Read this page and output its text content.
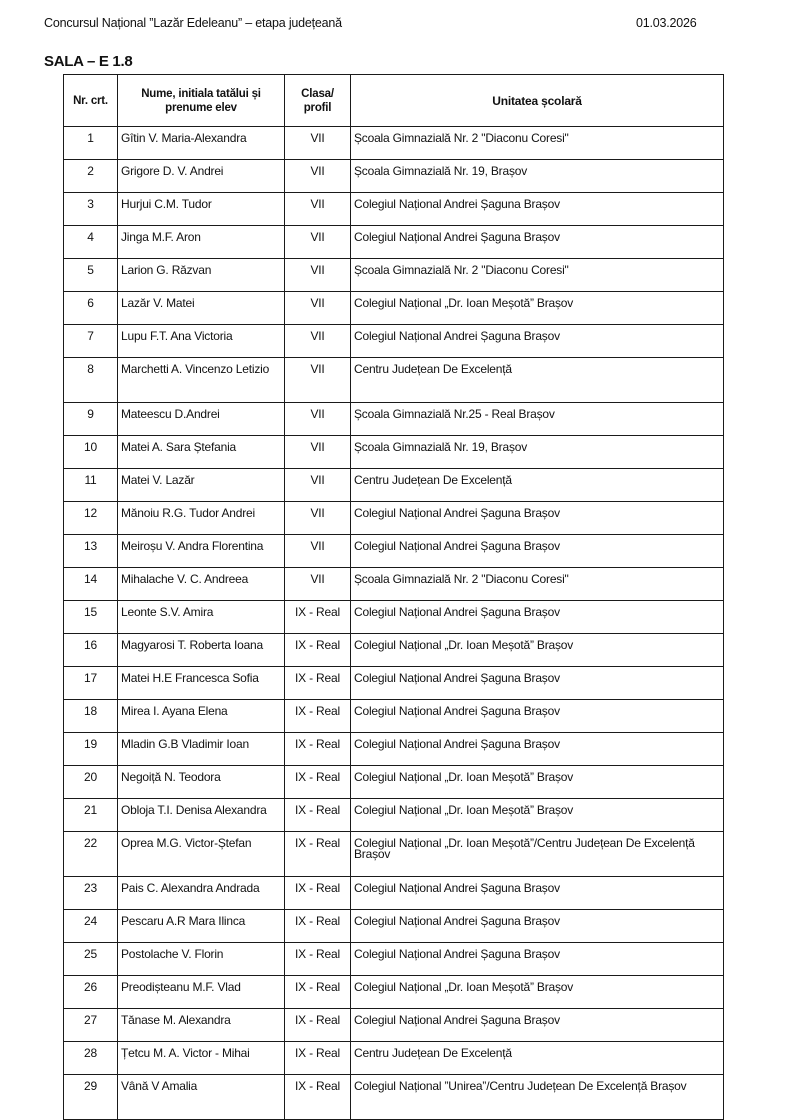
Concursul Național ”Lazăr Edeleanu” – etapa județeană	01.03.2026
SALA – E 1.8
Nr. crt.	Nume, initiala tatălui și prenume elev	Clasa/ profil	Unitatea școlară
1	Gîtin V. Maria-Alexandra	VII	Școala Gimnazială Nr. 2 "Diaconu Coresi"
2	Grigore D. V. Andrei	VII	Școala Gimnazială Nr. 19, Brașov
3	Hurjui C.M. Tudor	VII	Colegiul Național Andrei Șaguna Brașov
4	Jinga M.F. Aron	VII	Colegiul Național Andrei Șaguna Brașov
5	Larion G. Răzvan	VII	Școala Gimnazială Nr. 2 "Diaconu Coresi"
6	Lazăr V. Matei	VII	Colegiul Național „Dr. Ioan Meșotă” Brașov
7	Lupu F.T. Ana Victoria	VII	Colegiul Național Andrei Șaguna Brașov
8	Marchetti A. Vincenzo Letizio	VII	Centru Județean De Excelență
9	Mateescu D.Andrei	VII	Școala Gimnazială Nr.25 - Real Brașov
10	Matei A. Sara Ștefania	VII	Școala Gimnazială Nr. 19, Brașov
11	Matei V. Lazăr	VII	Centru Județean De Excelență
12	Mănoiu R.G. Tudor Andrei	VII	Colegiul Național Andrei Șaguna Brașov
13	Meiroșu V. Andra Florentina	VII	Colegiul Național Andrei Șaguna Brașov
14	Mihalache V. C. Andreea	VII	Școala Gimnazială Nr. 2 "Diaconu Coresi"
15	Leonte S.V. Amira	IX - Real	Colegiul Național Andrei Șaguna Brașov
16	Magyarosi T. Roberta Ioana	IX - Real	Colegiul Național „Dr. Ioan Meșotă” Brașov
17	Matei H.E Francesca Sofia	IX - Real	Colegiul Național Andrei Șaguna Brașov
18	Mirea I. Ayana Elena	IX - Real	Colegiul Național Andrei Șaguna Brașov
19	Mladin G.B Vladimir Ioan	IX - Real	Colegiul Național Andrei Șaguna Brașov
20	Negoiță N. Teodora	IX - Real	Colegiul Național „Dr. Ioan Meșotă” Brașov
21	Obloja T.I. Denisa Alexandra	IX - Real	Colegiul Național „Dr. Ioan Meșotă” Brașov
22	Oprea M.G. Victor-Ștefan	IX - Real	Colegiul Național „Dr. Ioan Meșotă”/Centru Județean De Excelență Brașov
23	Pais C. Alexandra Andrada	IX - Real	Colegiul Național Andrei Șaguna Brașov
24	Pescaru A.R Mara Ilinca	IX - Real	Colegiul Național Andrei Șaguna Brașov
25	Postolache V. Florin	IX - Real	Colegiul Național Andrei Șaguna Brașov
26	Preodișteanu M.F. Vlad	IX - Real	Colegiul Național „Dr. Ioan Meșotă” Brașov
27	Tănase M. Alexandra	IX - Real	Colegiul Național Andrei Șaguna Brașov
28	Țetcu M. A. Victor - Mihai	IX - Real	Centru Județean De Excelență
29	Vână V Amalia	IX - Real	Colegiul Național ”Unirea”/Centru Județean De Excelență Brașov
